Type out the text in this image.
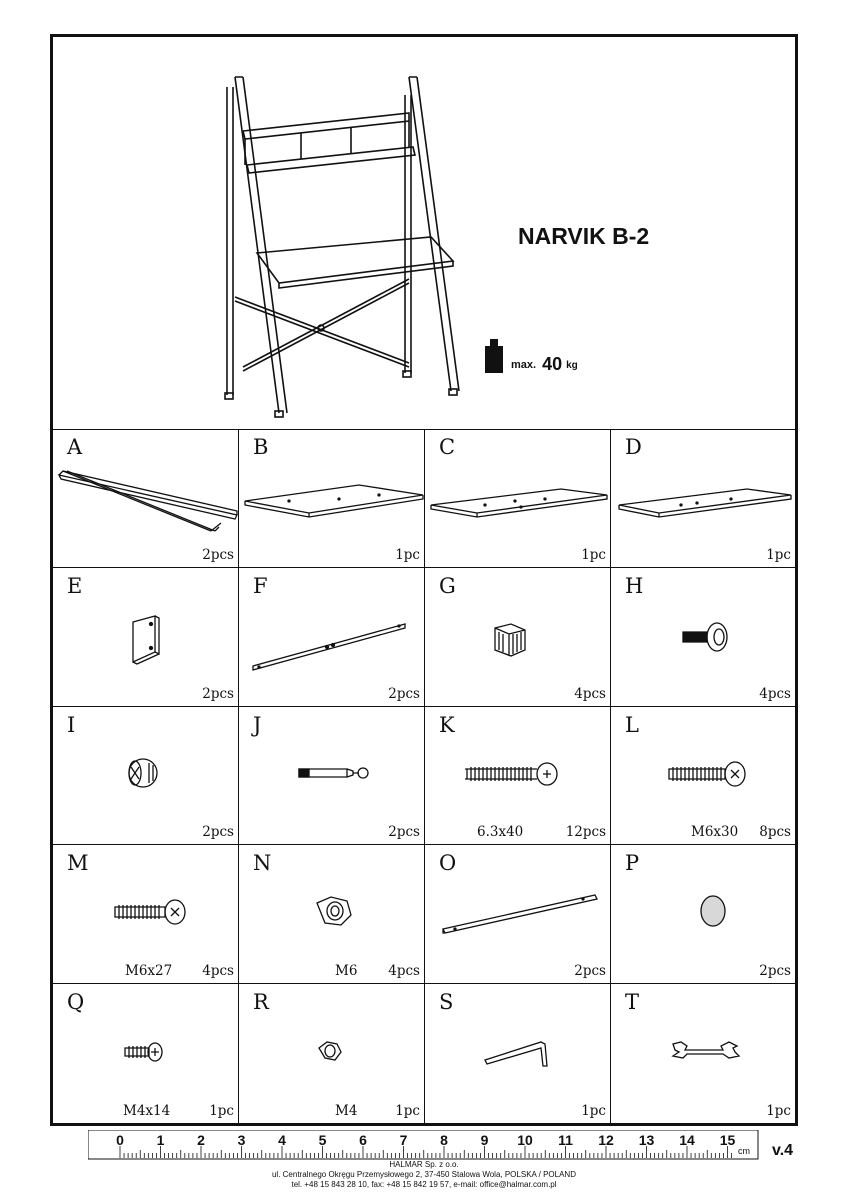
NARVIK B-2
max. 40 kg
A
2pcs
B
1pc
C
1pc
D
1pc
E
2pcs
F
2pcs
G
4pcs
H
4pcs
I
2pcs
J
2pcs
K
6.3x40	12pcs
L
M6x30 8pcs
M
M6x27 4pcs
N
M6 4pcs
O
2pcs
P
2pcs
Q
M4x14	1pc
R
M4	1pc
S
1pc
T
1pc
0 1 2 3 4 5 6 7 8 9 10 11 12 13 14 15
cm v.4
HALMAR Sp. z o.o.
ul. Centralnego Okręgu Przemysłowego 2, 37-450 Stalowa Wola, POLSKA / POLAND
tel. +48 15 843 28 10, fax: +48 15 842 19 57, e-mail: office@halmar.com.pl
